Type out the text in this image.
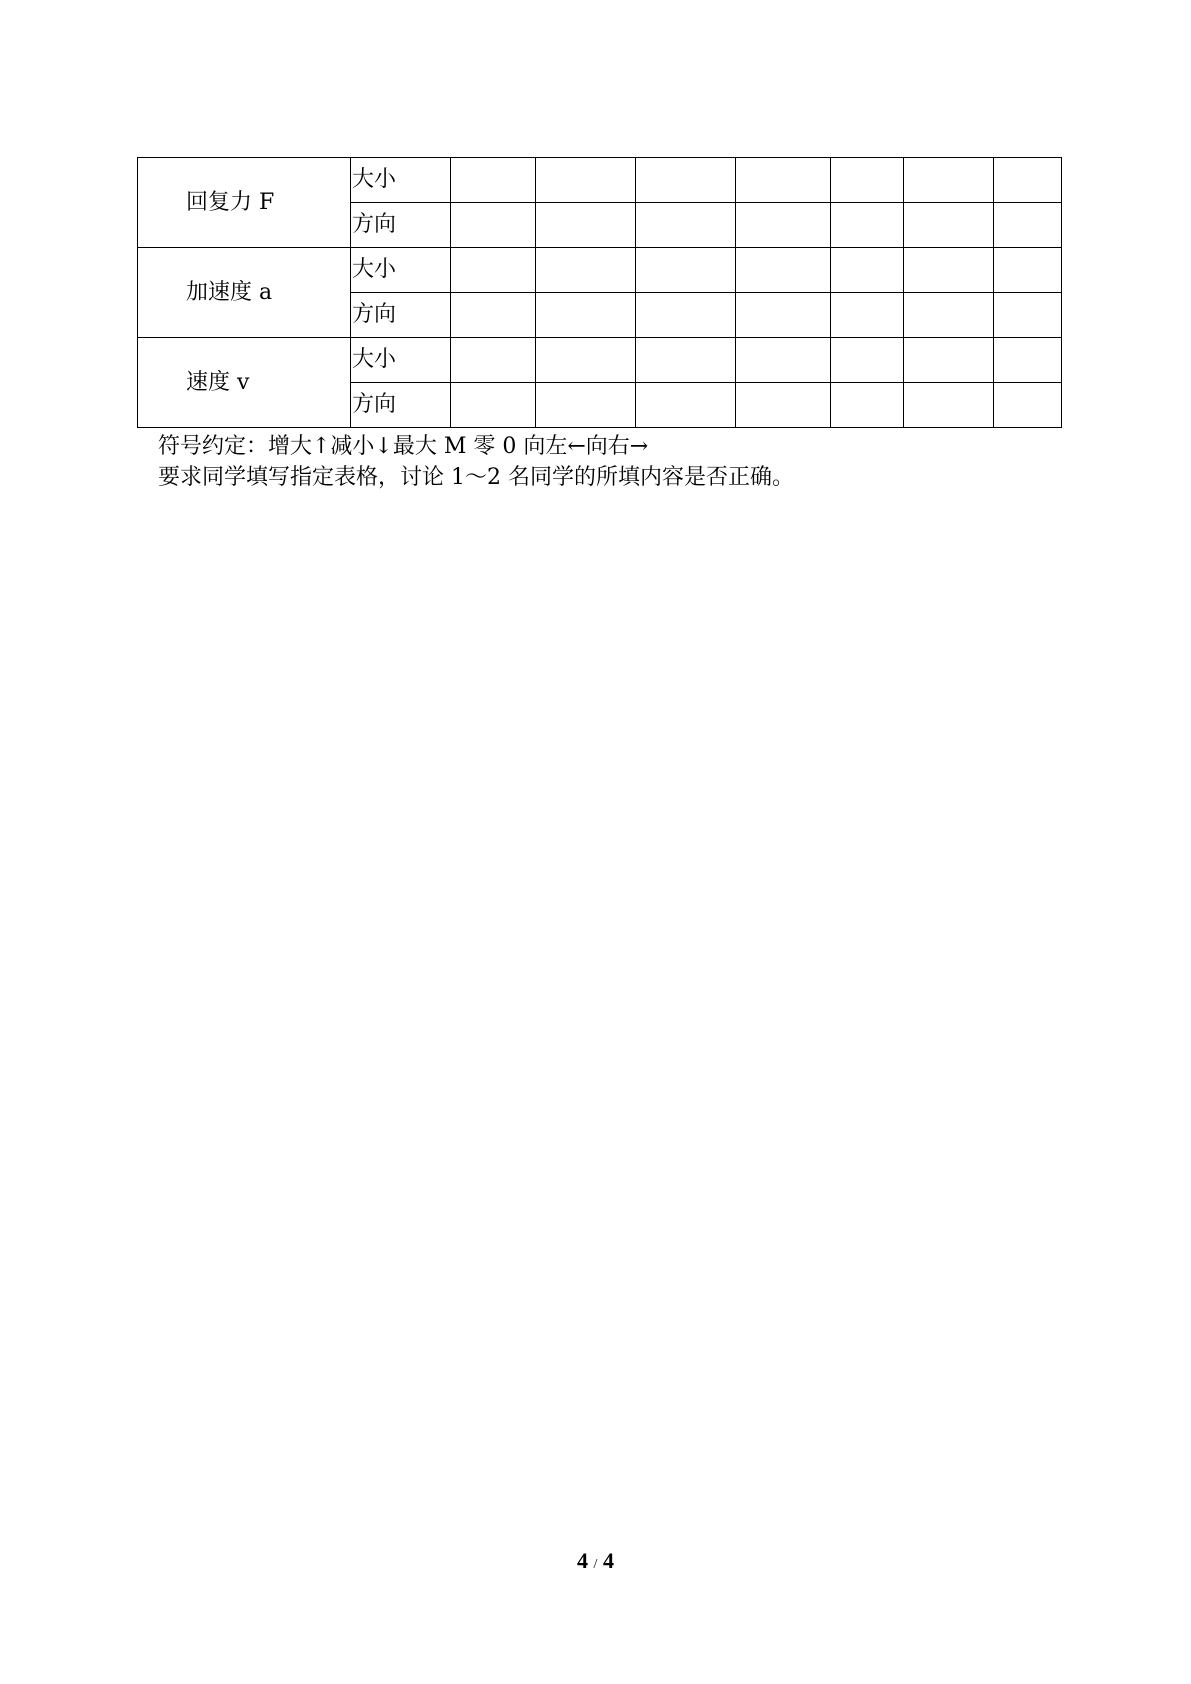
回复力 F	大小							
	方向							
加速度 a	大小							
	方向							
速度 v	大小							
	方向							
符号约定：增大↑减小↓最大 M 零 0 向左←向右→
要求同学填写指定表格，讨论 1～2 名同学的所填内容是否正确。
4 / 4
